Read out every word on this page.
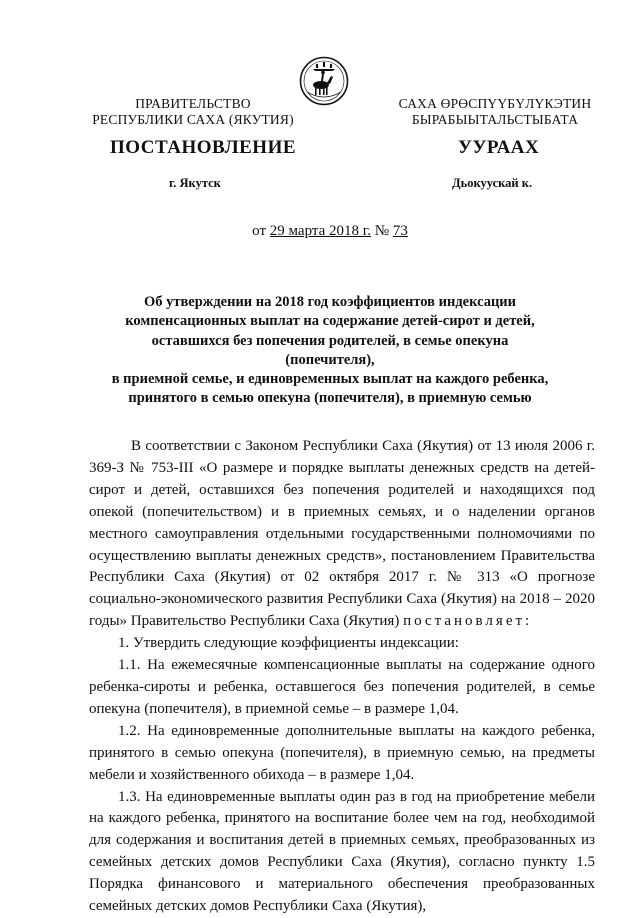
ПРАВИТЕЛЬСТВО
РЕСПУБЛИКИ САХА (ЯКУТИЯ)
САХА ӨРӨСПҮҮБҮЛҮКЭТИН
БЫРАБЫЫТАЛЬСТЫБАТА
ПОСТАНОВЛЕНИЕ	УУРААХ
г. Якутск	Дьокуускай к.
от 29 марта 2018 г. № 73
Об утверждении на 2018 год коэффициентов индексации
компенсационных выплат на содержание детей-сирот и детей,
оставшихся без попечения родителей, в семье опекуна (попечителя),
в приемной семье, и единовременных выплат на каждого ребенка,
принятого в семью опекуна (попечителя), в приемную семью

В соответствии с Законом Республики Саха (Якутия) от 13 июля 2006 г. 369-З № 753-III «О размере и порядке выплаты денежных средств на детей-сирот и детей, оставшихся без попечения родителей и находящихся под опекой (попечительством) и в приемных семьях, и о наделении органов местного самоуправления отдельными государственными полномочиями по осуществлению выплаты денежных средств», постановлением Правительства Республики Саха (Якутия) от 02 октября 2017 г. № 313 «О прогнозе социально-экономического развития Республики Саха (Якутия) на 2018 – 2020 годы» Правительство Республики Саха (Якутия) постановляет:

1. Утвердить следующие коэффициенты индексации:

1.1. На ежемесячные компенсационные выплаты на содержание одного ребенка-сироты и ребенка, оставшегося без попечения родителей, в семье опекуна (попечителя), в приемной семье – в размере 1,04.

1.2. На единовременные дополнительные выплаты на каждого ребенка, принятого в семью опекуна (попечителя), в приемную семью, на предметы мебели и хозяйственного обихода – в размере 1,04.

1.3. На единовременные выплаты один раз в год на приобретение мебели на каждого ребенка, принятого на воспитание более чем на год, необходимой для содержания и воспитания детей в приемных семьях, преобразованных из семейных детских домов Республики Саха (Якутия), согласно пункту 1.5 Порядка финансового и материального обеспечения преобразованных семейных детских домов Республики Саха (Якутия),
